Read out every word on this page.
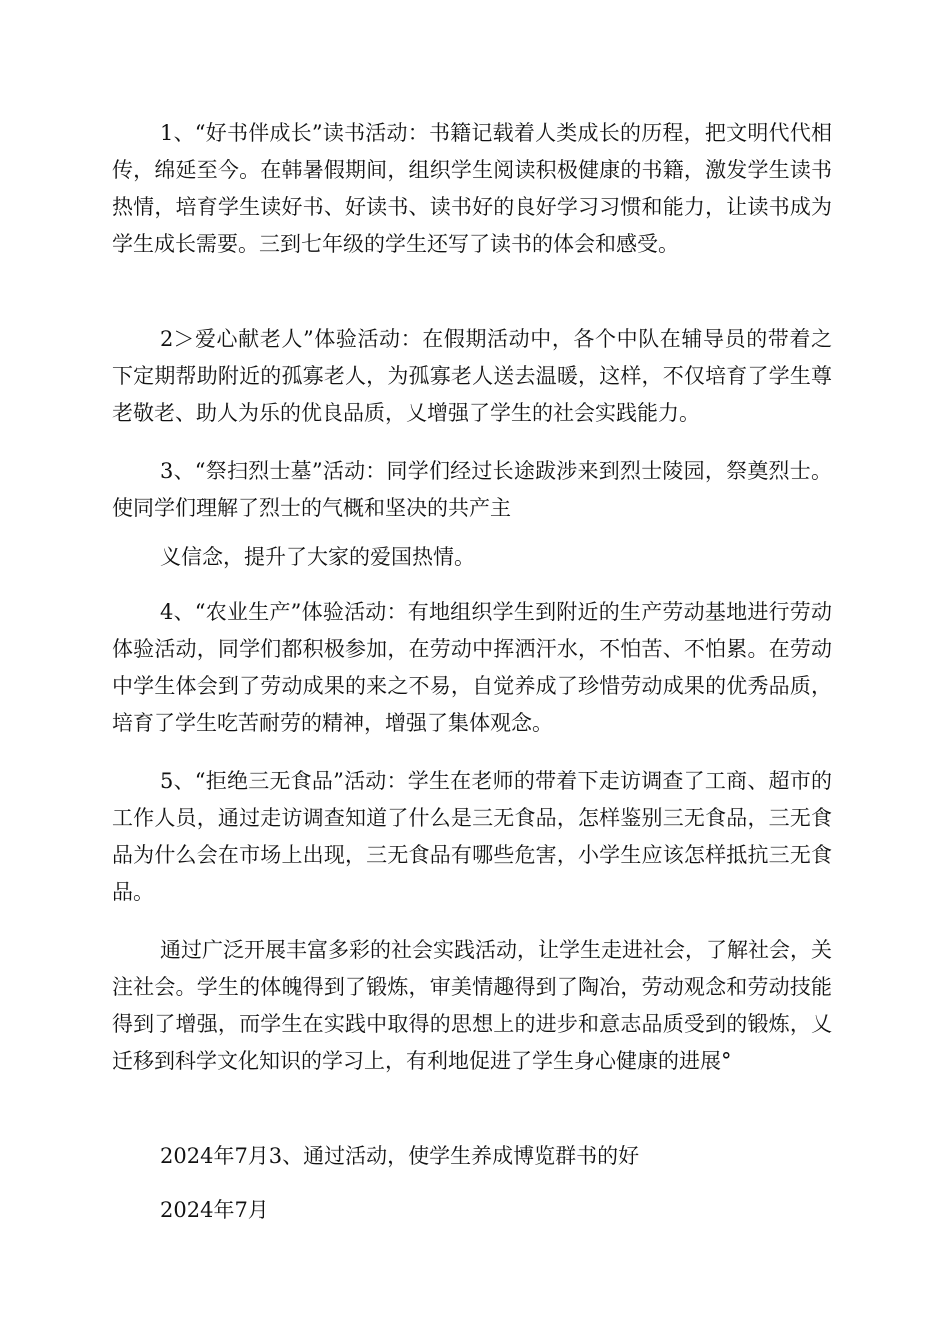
1、“好书伴成长”读书活动：书籍记载着人类成长的历程，把文明代代相传，绵延至今。在韩暑假期间，组织学生阅读积极健康的书籍，激发学生读书热情，培育学生读好书、好读书、读书好的良好学习习惯和能力，让读书成为学生成长需要。三到七年级的学生还写了读书的体会和感受。

2＞爱心献老人”体验活动：在假期活动中，各个中队在辅导员的带着之下定期帮助附近的孤寡老人，为孤寡老人送去温暖，这样，不仅培育了学生尊老敬老、助人为乐的优良品质，乂增强了学生的社会实践能力。

3、“祭扫烈士墓”活动：同学们经过长途跋涉来到烈士陵园，祭奠烈士。使同学们理解了烈士的气概和坚决的共产主

义信念，提升了大家的爱国热情。

4、“农业生产”体验活动：有地组织学生到附近的生产劳动基地进行劳动体验活动，同学们都积极参加，在劳动中挥洒汗水，不怕苦、不怕累。在劳动中学生体会到了劳动成果的来之不易，自觉养成了珍惜劳动成果的优秀品质，培育了学生吃苦耐劳的精神，增强了集体观念。

5、“拒绝三无食品”活动：学生在老师的带着下走访调查了工商、超市的工作人员，通过走访调查知道了什么是三无食品，怎样鉴别三无食品，三无食品为什么会在市场上出现，三无食品有哪些危害，小学生应该怎样抵抗三无食品。

通过广泛开展丰富多彩的社会实践活动，让学生走进社会，了解社会，关注社会。学生的体魄得到了锻炼，审美情趣得到了陶冶，劳动观念和劳动技能得到了增强，而学生在实践中取得的思想上的进步和意志品质受到的锻炼，乂迁移到科学文化知识的学习上，有利地促进了学生身心健康的进展°

2024年7月3、通过活动，使学生养成博览群书的好

2024年7月
